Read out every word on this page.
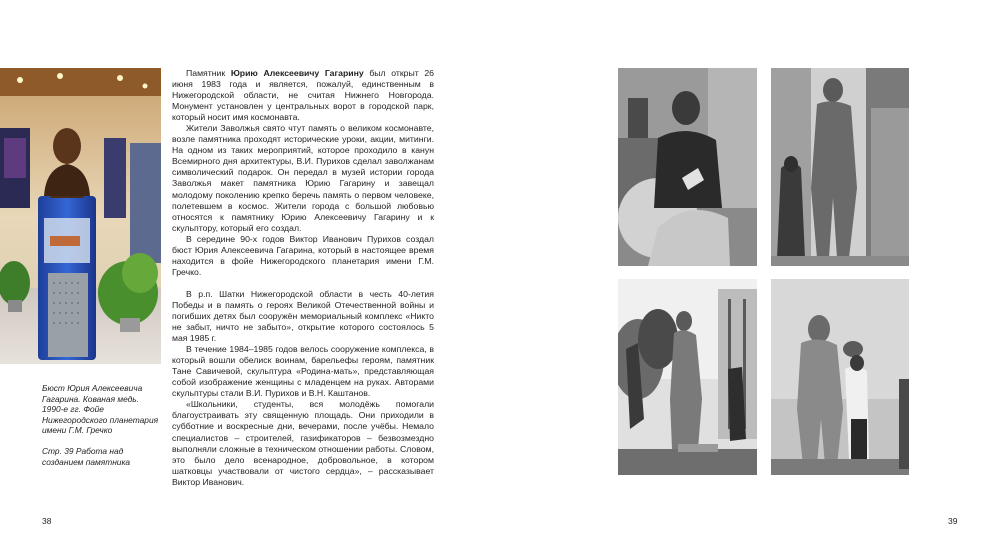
Бюст Юрия Алексеевича Гагарина. Кованая медь. 1990-е гг. Фойе Нижегородского планетария имени Г.М. Гречко

Стр. 39 Работа над созданием памятника

Памятник Юрию Алексеевичу Гагарину был открыт 26 июня 1983 года и является, пожалуй, единственным в Нижегородской области, не считая Нижнего Новгорода. Монумент установлен у центральных ворот в городской парк, который носит имя космонавта.

Жители Заволжья свято чтут память о великом космонавте, возле памятника проходят исторические уроки, акции, митинги. На одном из таких мероприятий, которое проходило в канун Всемирного дня архитектуры, В.И. Пурихов сделал заволжанам символический подарок. Он передал в музей истории города Заволжья макет памятника Юрию Гагарину и завещал молодому поколению крепко беречь память о первом человеке, полетевшем в космос. Жители города с большой любовью относятся к памятнику Юрию Алексеевичу Гагарину и к скульптору, который его создал.

В середине 90-х годов Виктор Иванович Пурихов создал бюст Юрия Алексеевича Гагарина, который в настоящее время находится в фойе Нижегородского планетария имени Г.М. Гречко.

В р.п. Шатки Нижегородской области в честь 40-летия Победы и в память о героях Великой Отечественной войны и погибших детях был сооружён мемориальный комплекс «Никто не забыт, ничто не забыто», открытие которого состоялось 5 мая 1985 г.

В течение 1984–1985 годов велось сооружение комплекса, в который вошли обелиск воинам, барельефы героям, памятник Тане Савичевой, скульптура «Родина-мать», представляющая собой изображение женщины с младенцем на руках. Авторами скульптуры стали В.И. Пурихов и В.Н. Каштанов.

«Школьники, студенты, вся молодёжь помогали благоустраивать эту священную площадь. Они приходили в субботние и воскресные дни, вечерами, после учёбы. Немало специалистов – строителей, газификаторов – безвозмездно выполняли сложные в техническом отношении работы. Словом, это было дело всенародное, добровольное, в котором шатковцы участвовали от чистого сердца», – рассказывает Виктор Иванович.

38	39
